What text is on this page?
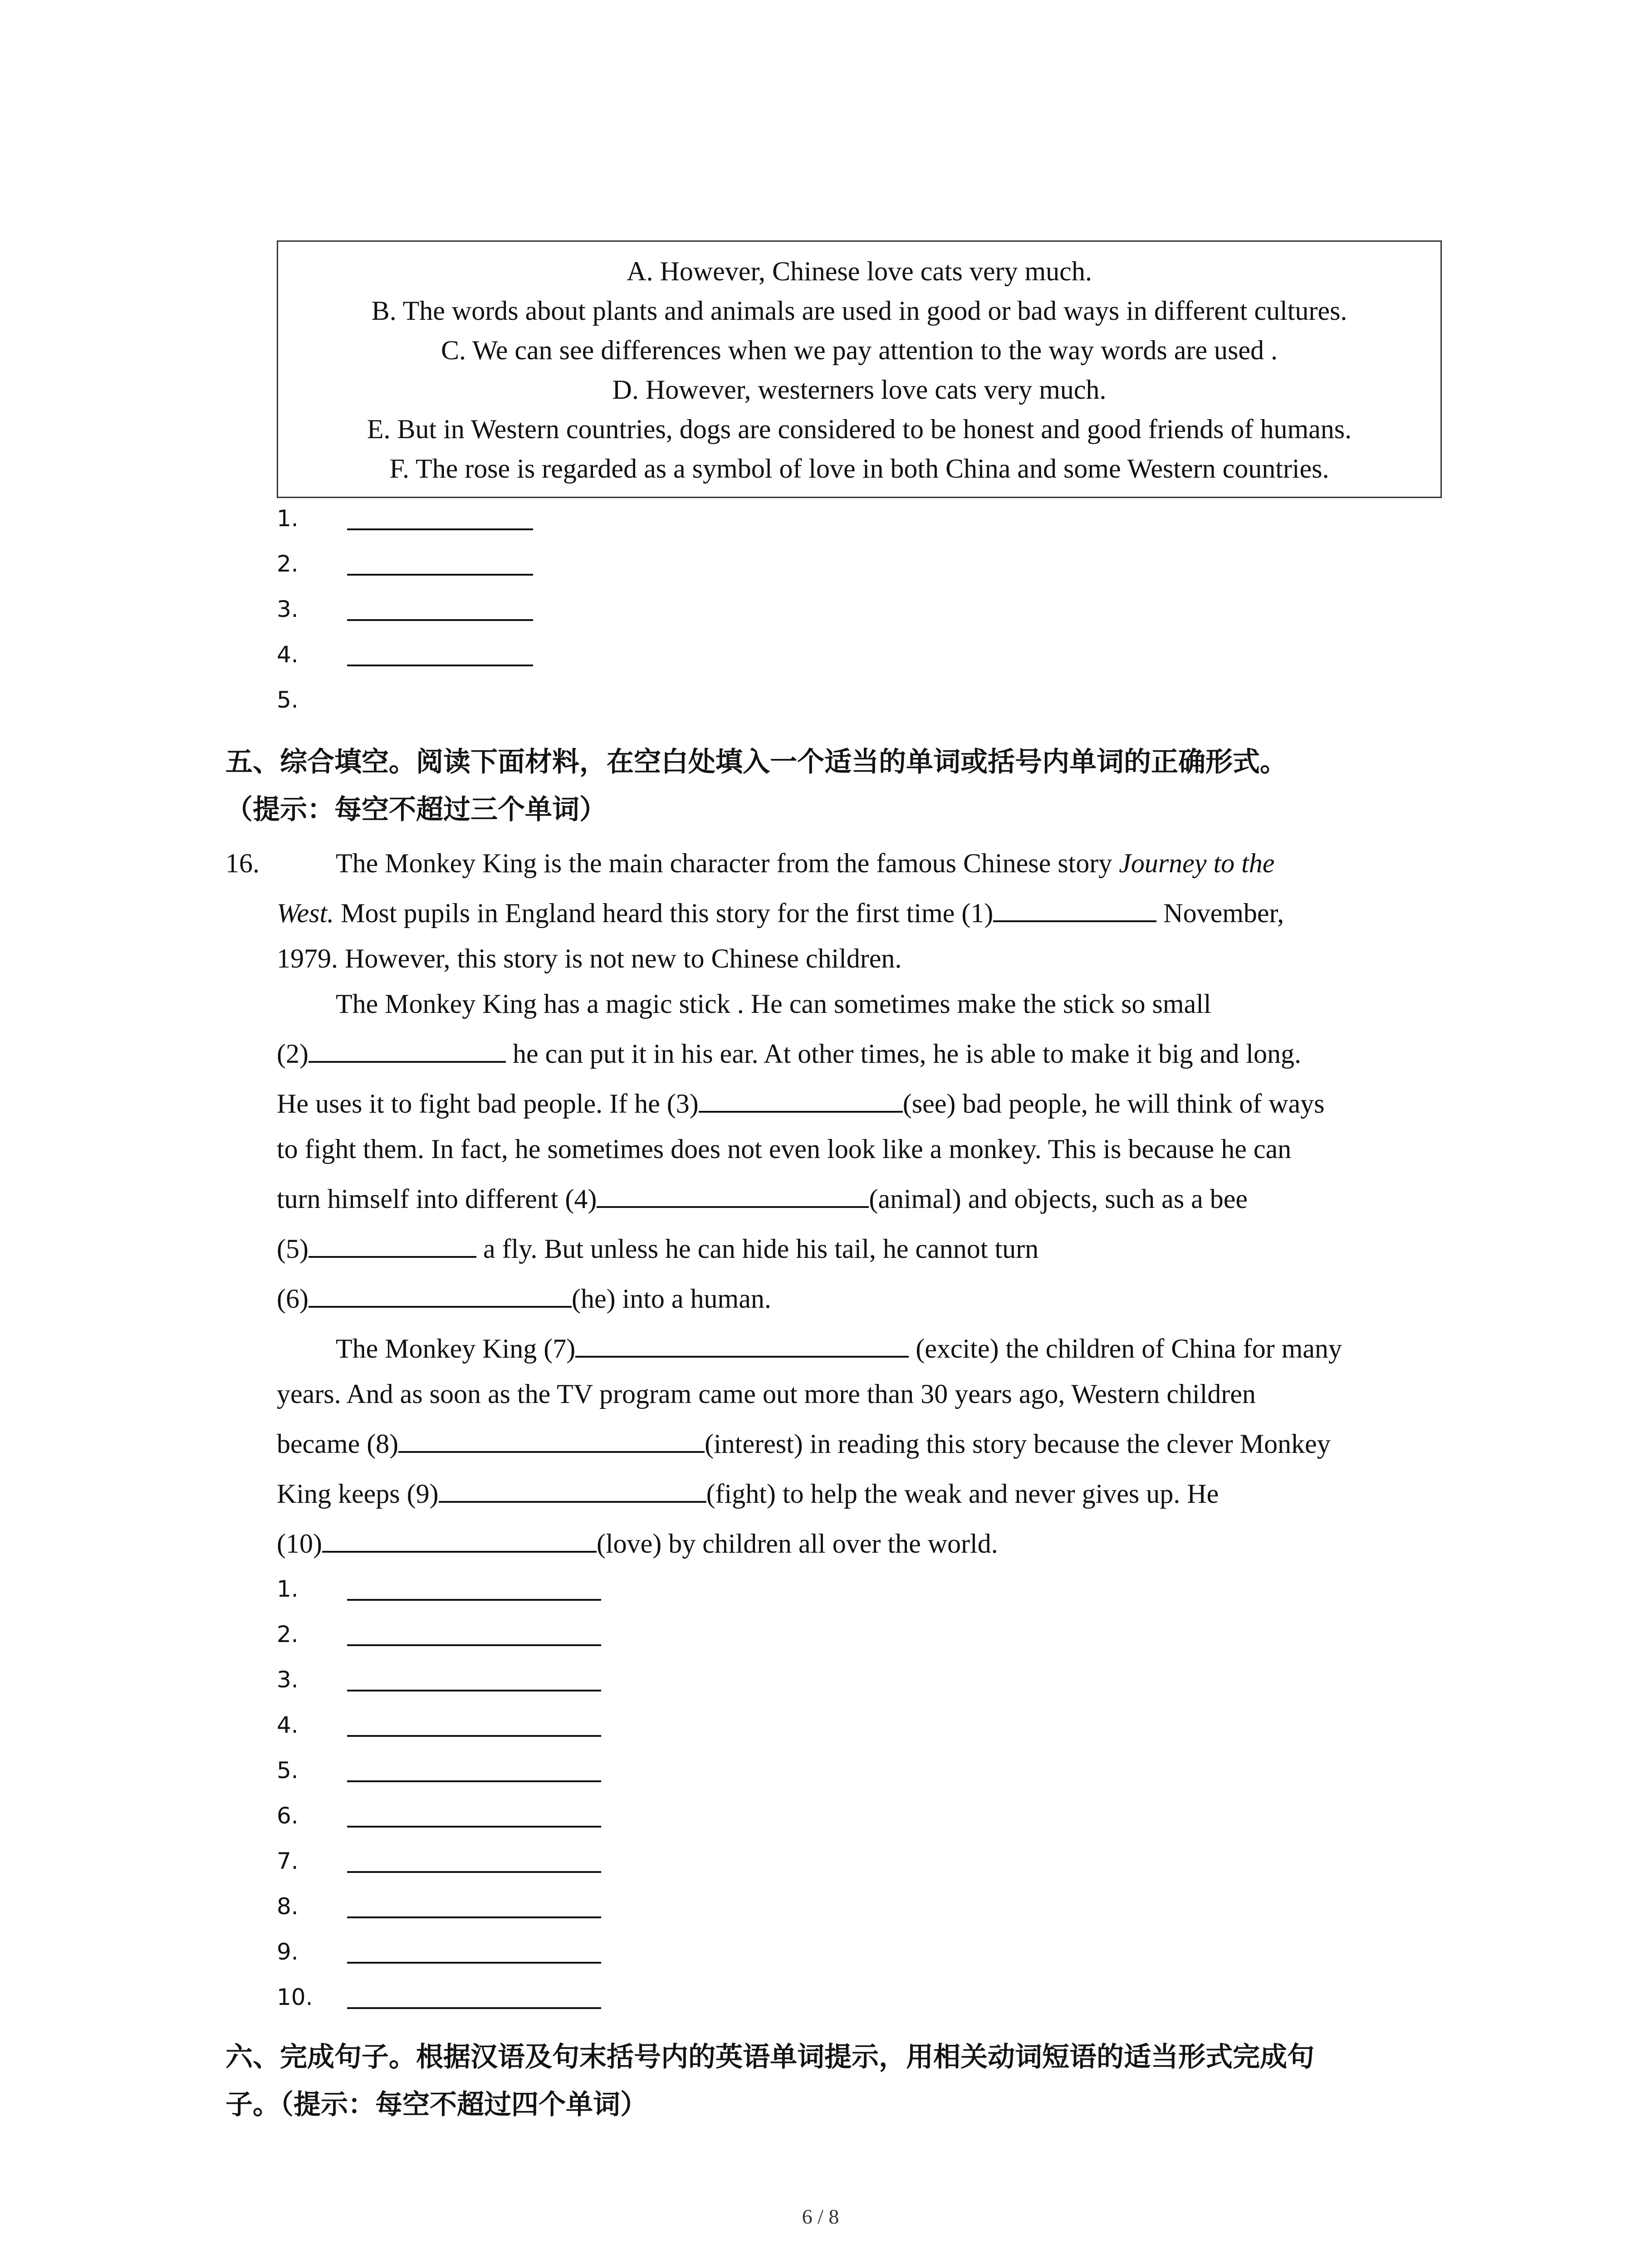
A. However, Chinese love cats very much.
B. The words about plants and animals are used in good or bad ways in different cultures.
C. We can see differences when we pay attention to the way words are used .
D. However, westerners love cats very much.
E. But in Western countries, dogs are considered to be honest and good friends of humans.
F. The rose is regarded as a symbol of love in both China and some Western countries.
1.
2.
3.
4.
5.
五、综合填空。阅读下面材料，在空白处填入一个适当的单词或括号内单词的正确形式。
（提示：每空不超过三个单词）
16.	The Monkey King is the main character from the famous Chinese story Journey to the
West. Most pupils in England heard this story for the first time (1)	November,
1979. However, this story is not new to Chinese children.
The Monkey King has a magic stick . He can sometimes make the stick so small
(2)	he can put it in his ear. At other times, he is able to make it big and long.
He uses it to fight bad people. If he (3)	(see) bad people, he will think of ways
to fight them. In fact, he sometimes does not even look like a monkey. This is because he can
turn himself into different (4)	(animal) and objects, such as a bee
(5)	a fly. But unless he can hide his tail, he cannot turn
(6)	(he) into a human.
The Monkey King (7)	(excite) the children of China for many
years. And as soon as the TV program came out more than 30 years ago, Western children
became (8)	(interest) in reading this story because the clever Monkey
King keeps (9)	(fight) to help the weak and never gives up. He
(10)	(love) by children all over the world.
1.
2.
3.
4.
5.
6.
7.
8.
9.
10.
六、完成句子。根据汉语及句末括号内的英语单词提示，用相关动词短语的适当形式完成句
子。（提示：每空不超过四个单词）
6 / 8
